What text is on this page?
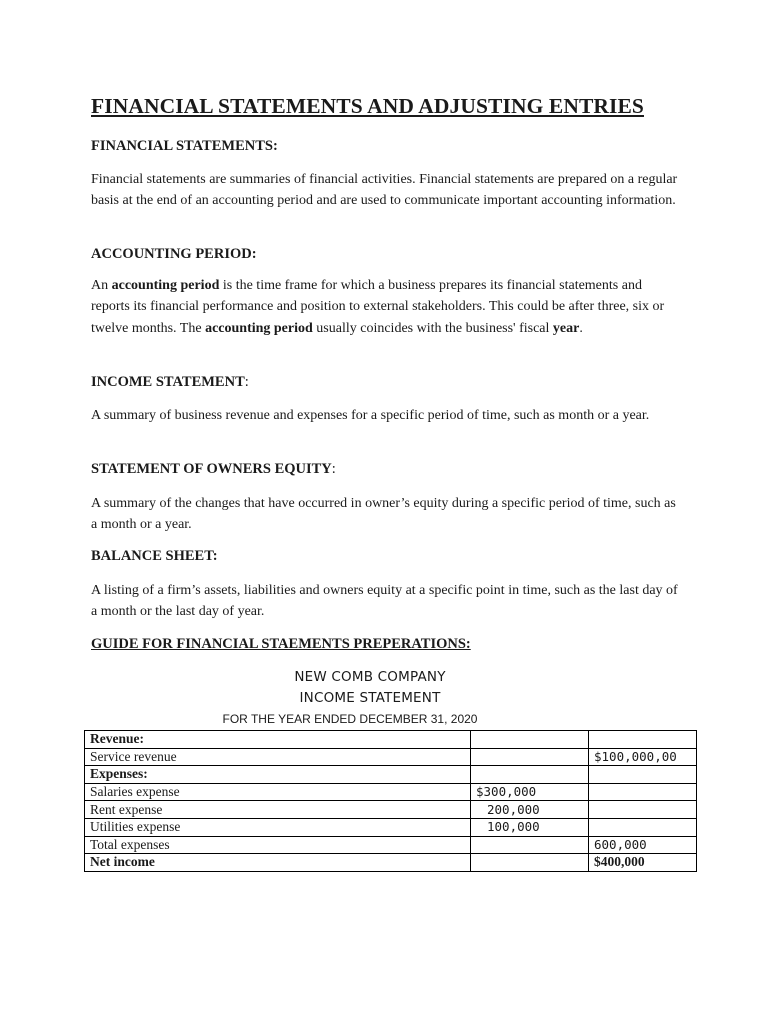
FINANCIAL STATEMENTS AND ADJUSTING ENTRIES
FINANCIAL STATEMENTS:

Financial statements are summaries of financial activities. Financial statements are prepared on a regular basis at the end of an accounting period and are used to communicate important accounting information.

ACCOUNTING PERIOD:

An accounting period is the time frame for which a business prepares its financial statements and reports its financial performance and position to external stakeholders. This could be after three, six or twelve months. The accounting period usually coincides with the business' fiscal year.

INCOME STATEMENT:

A summary of business revenue and expenses for a specific period of time, such as month or a year.

STATEMENT OF OWNERS EQUITY:

A summary of the changes that have occurred in owner’s equity during a specific period of time, such as a month or a year.

BALANCE SHEET:

A listing of a firm’s assets, liabilities and owners equity at a specific point in time, such as the last day of a month or the last day of year.

GUIDE FOR FINANCIAL STAEMENTS PREPERATIONS:

NEW COMB COMPANY

INCOME STATEMENT

FOR THE YEAR ENDED DECEMBER 31, 2020

Revenue:		
Service revenue		$100,000,00
Expenses:		
Salaries expense	$300,000	
Rent expense	200,000	
Utilities expense	100,000	
Total expenses		600,000
Net income		$400,000
